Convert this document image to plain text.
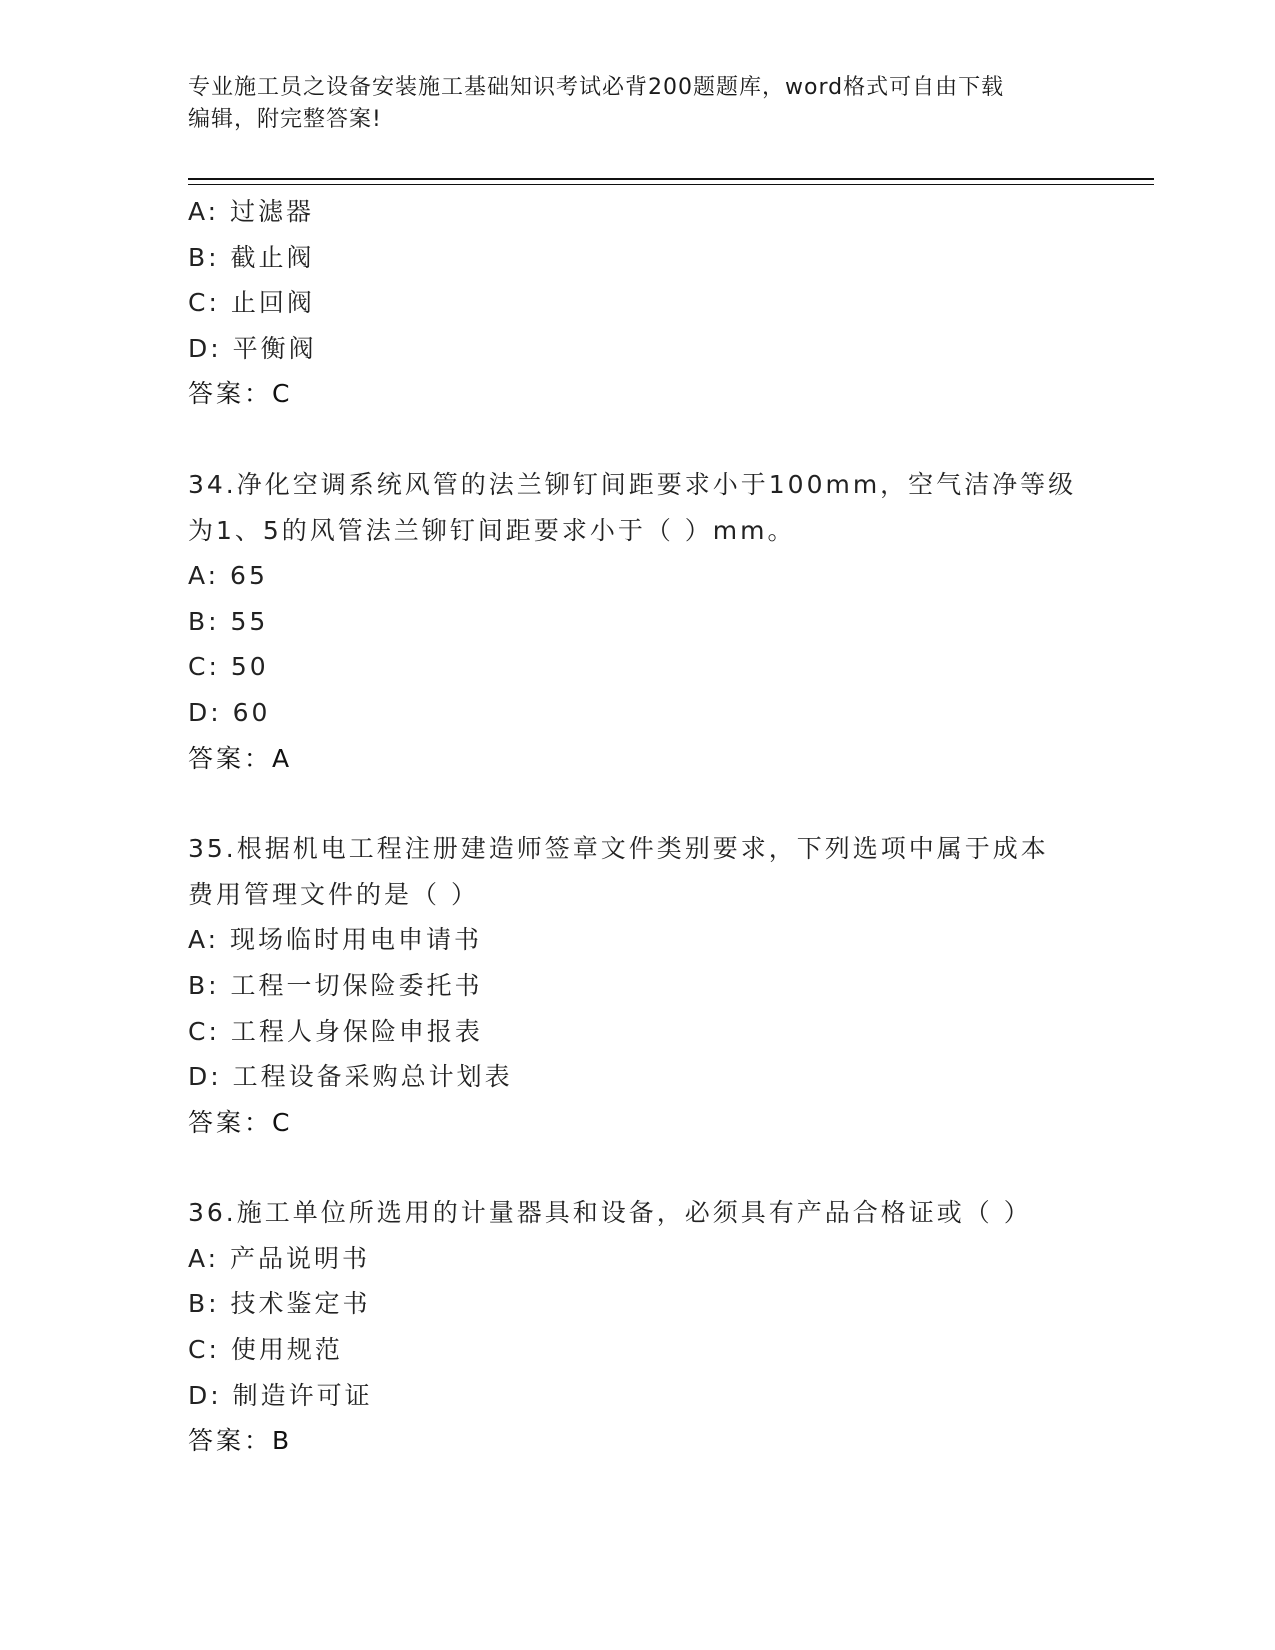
专业施工员之设备安装施工基础知识考试必背200题题库，word格式可自由下载
编辑，附完整答案!
A: 过滤器
B: 截止阀
C: 止回阀
D: 平衡阀
答案：C
34.净化空调系统风管的法兰铆钉间距要求小于100mm，空气洁净等级
为1、5的风管法兰铆钉间距要求小于（ ）mm。
A: 65
B: 55
C: 50
D: 60
答案：A
35.根据机电工程注册建造师签章文件类别要求，下列选项中属于成本
费用管理文件的是（ ）
A: 现场临时用电申请书
B: 工程一切保险委托书
C: 工程人身保险申报表
D: 工程设备采购总计划表
答案：C
36.施工单位所选用的计量器具和设备，必须具有产品合格证或（ ）
A: 产品说明书
B: 技术鉴定书
C: 使用规范
D: 制造许可证
答案：B
